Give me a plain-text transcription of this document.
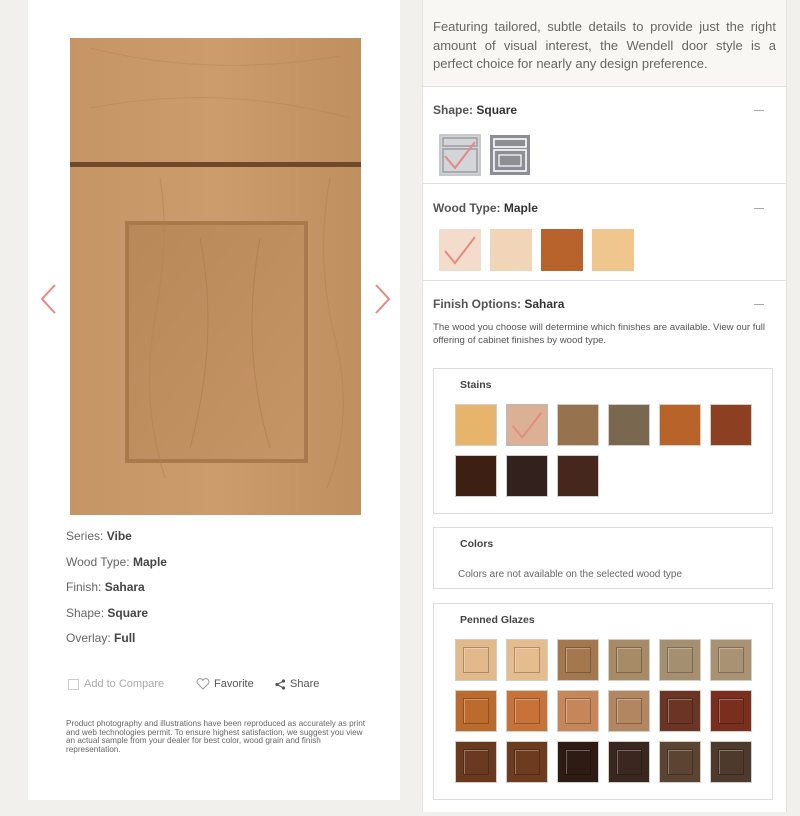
Series: Vibe
Wood Type: Maple
Finish: Sahara
Shape: Square
Overlay: Full
Add to Compare	Favorite	Share
Product photography and illustrations have been reproduced as accurately as print and web technologies permit. To ensure highest satisfaction, we suggest you view an actual sample from your dealer for best color, wood grain and finish representation.
Featuring tailored, subtle details to provide just the right amount of visual interest, the Wendell door style is a perfect choice for nearly any design preference.
Shape: Square
Wood Type: Maple
Finish Options: Sahara
The wood you choose will determine which finishes are available. View our full offering of cabinet finishes by wood type.
Stains
Colors
Colors are not available on the selected wood type
Penned Glazes
